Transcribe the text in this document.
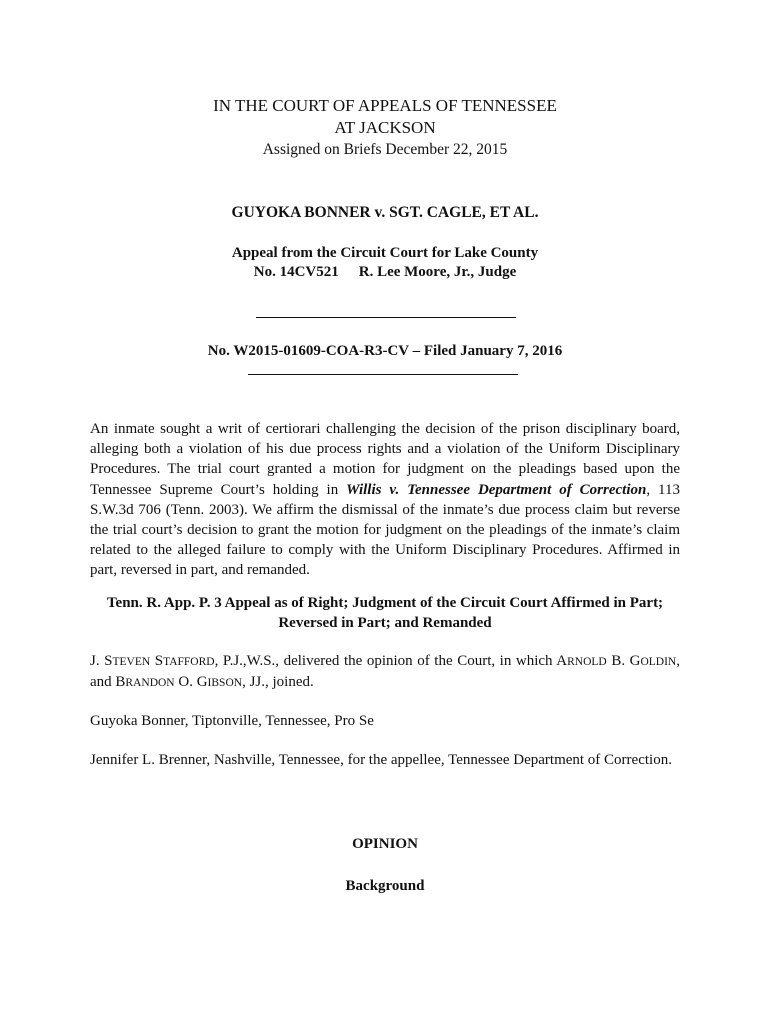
IN THE COURT OF APPEALS OF TENNESSEE
AT JACKSON
Assigned on Briefs December 22, 2015
GUYOKA BONNER v. SGT. CAGLE, ET AL.
Appeal from the Circuit Court for Lake County
No. 14CV521 R. Lee Moore, Jr., Judge
No. W2015-01609-COA-R3-CV – Filed January 7, 2016
An inmate sought a writ of certiorari challenging the decision of the prison disciplinary board, alleging both a violation of his due process rights and a violation of the Uniform Disciplinary Procedures. The trial court granted a motion for judgment on the pleadings based upon the Tennessee Supreme Court’s holding in Willis v. Tennessee Department of Correction, 113 S.W.3d 706 (Tenn. 2003). We affirm the dismissal of the inmate’s due process claim but reverse the trial court’s decision to grant the motion for judgment on the pleadings of the inmate’s claim related to the alleged failure to comply with the Uniform Disciplinary Procedures. Affirmed in part, reversed in part, and remanded.
Tenn. R. App. P. 3 Appeal as of Right; Judgment of the Circuit Court Affirmed in Part; Reversed in Part; and Remanded
J. STEVEN STAFFORD, P.J.,W.S., delivered the opinion of the Court, in which ARNOLD B. GOLDIN, and BRANDON O. GIBSON, JJ., joined.
Guyoka Bonner, Tiptonville, Tennessee, Pro Se
Jennifer L. Brenner, Nashville, Tennessee, for the appellee, Tennessee Department of Correction.
OPINION
Background
